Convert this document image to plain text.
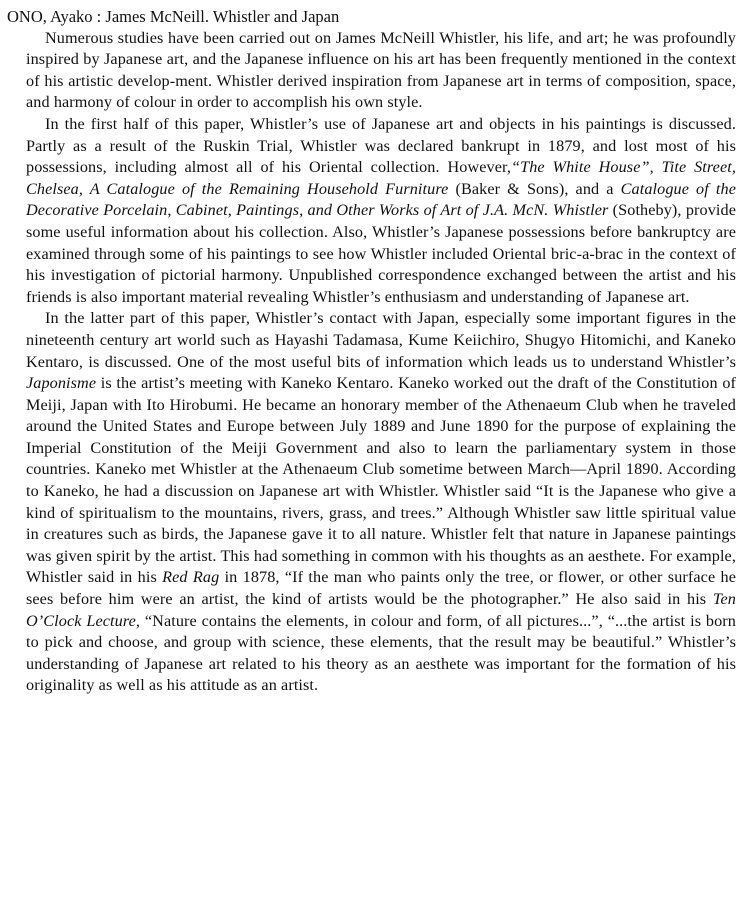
ONO, Ayako : James McNeill. Whistler and Japan

Numerous studies have been carried out on James McNeill Whistler, his life, and art; he was profoundly inspired by Japanese art, and the Japanese influence on his art has been frequently mentioned in the context of his artistic develop-ment. Whistler derived inspiration from Japanese art in terms of composition, space, and harmony of colour in order to accomplish his own style.

In the first half of this paper, Whistler’s use of Japanese art and objects in his paintings is discussed. Partly as a result of the Ruskin Trial, Whistler was declared bankrupt in 1879, and lost most of his possessions, including almost all of his Oriental collection. However,“The White House”, Tite Street, Chelsea, A Catalogue of the Remaining Household Furniture (Baker & Sons), and a Catalogue of the Decorative Porcelain, Cabinet, Paintings, and Other Works of Art of J.A. McN. Whistler (Sotheby), provide some useful information about his collection. Also, Whistler’s Japanese possessions before bankruptcy are examined through some of his paintings to see how Whistler included Oriental bric-a-brac in the context of his investigation of pictorial harmony. Unpublished correspondence exchanged between the artist and his friends is also important material revealing Whistler’s enthusiasm and understanding of Japanese art.

In the latter part of this paper, Whistler’s contact with Japan, especially some important figures in the nineteenth century art world such as Hayashi Tadamasa, Kume Keiichiro, Shugyo Hitomichi, and Kaneko Kentaro, is discussed. One of the most useful bits of information which leads us to understand Whistler’s Japonisme is the artist’s meeting with Kaneko Kentaro. Kaneko worked out the draft of the Constitution of Meiji, Japan with Ito Hirobumi. He became an honorary member of the Athenaeum Club when he traveled around the United States and Europe between July 1889 and June 1890 for the purpose of explaining the Imperial Constitution of the Meiji Government and also to learn the parliamentary system in those countries. Kaneko met Whistler at the Athenaeum Club sometime between March—April 1890. According to Kaneko, he had a discussion on Japanese art with Whistler. Whistler said “It is the Japanese who give a kind of spiritualism to the mountains, rivers, grass, and trees.” Although Whistler saw little spiritual value in creatures such as birds, the Japanese gave it to all nature. Whistler felt that nature in Japanese paintings was given spirit by the artist. This had something in common with his thoughts as an aesthete. For example, Whistler said in his Red Rag in 1878, “If the man who paints only the tree, or flower, or other surface he sees before him were an artist, the kind of artists would be the photographer.” He also said in his Ten O’Clock Lecture, “Nature contains the elements, in colour and form, of all pictures...”, “...the artist is born to pick and choose, and group with science, these elements, that the result may be beautiful.” Whistler’s understanding of Japanese art related to his theory as an aesthete was important for the formation of his originality as well as his attitude as an artist.
